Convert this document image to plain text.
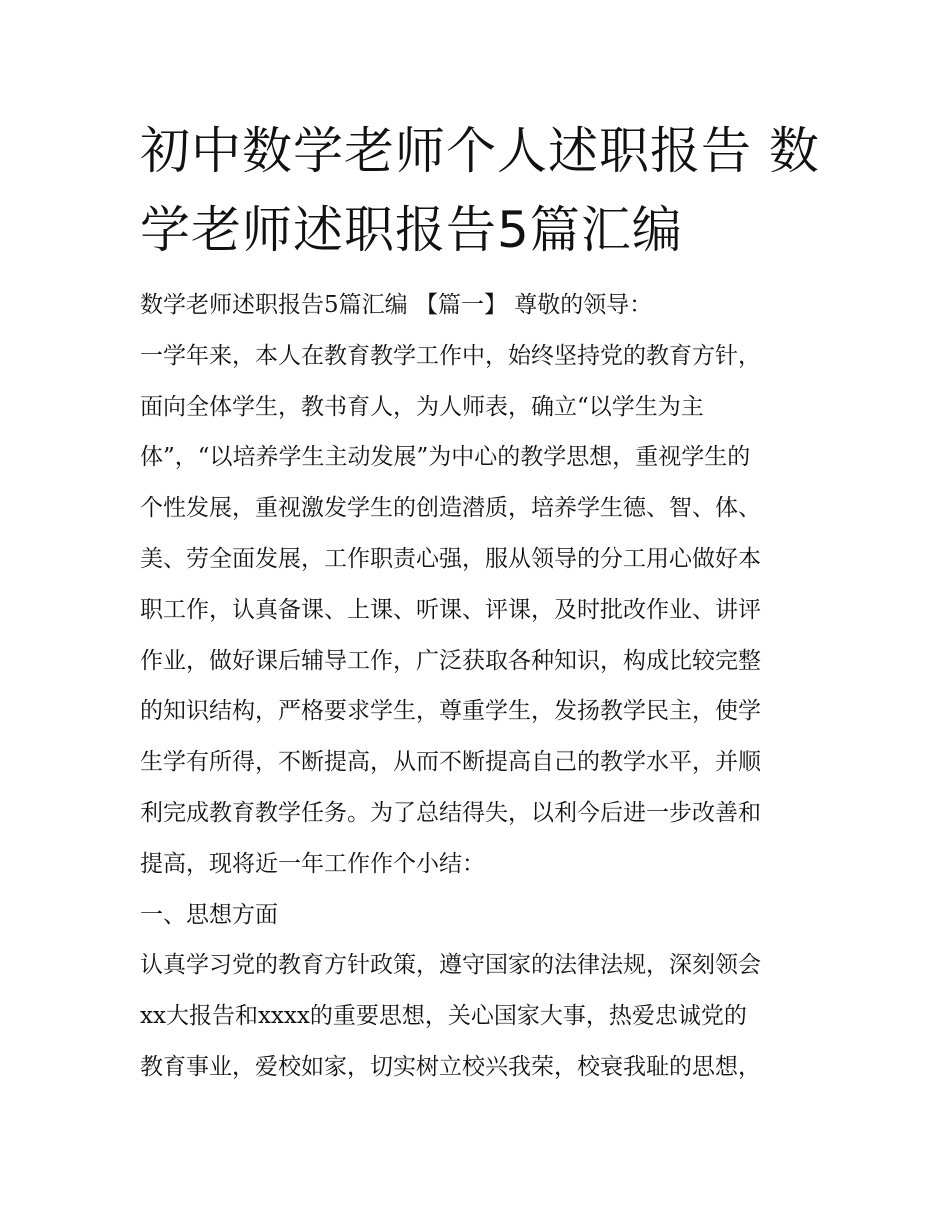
初中数学老师个人述职报告 数
学老师述职报告5篇汇编
数学老师述职报告5篇汇编 【篇一】 尊敬的领导：
一学年来，本人在教育教学工作中，始终坚持党的教育方针，
面向全体学生，教书育人，为人师表，确立“以学生为主
体”，“以培养学生主动发展”为中心的教学思想，重视学生的
个性发展，重视激发学生的创造潜质，培养学生德、智、体、
美、劳全面发展，工作职责心强，服从领导的分工用心做好本
职工作，认真备课、上课、听课、评课，及时批改作业、讲评
作业，做好课后辅导工作，广泛获取各种知识，构成比较完整
的知识结构，严格要求学生，尊重学生，发扬教学民主，使学
生学有所得，不断提高，从而不断提高自己的教学水平，并顺
利完成教育教学任务。为了总结得失，以利今后进一步改善和
提高，现将近一年工作作个小结：
一、思想方面
认真学习党的教育方针政策，遵守国家的法律法规，深刻领会
xx大报告和xxxx的重要思想，关心国家大事，热爱忠诚党的
教育事业，爱校如家，切实树立校兴我荣，校衰我耻的思想，
